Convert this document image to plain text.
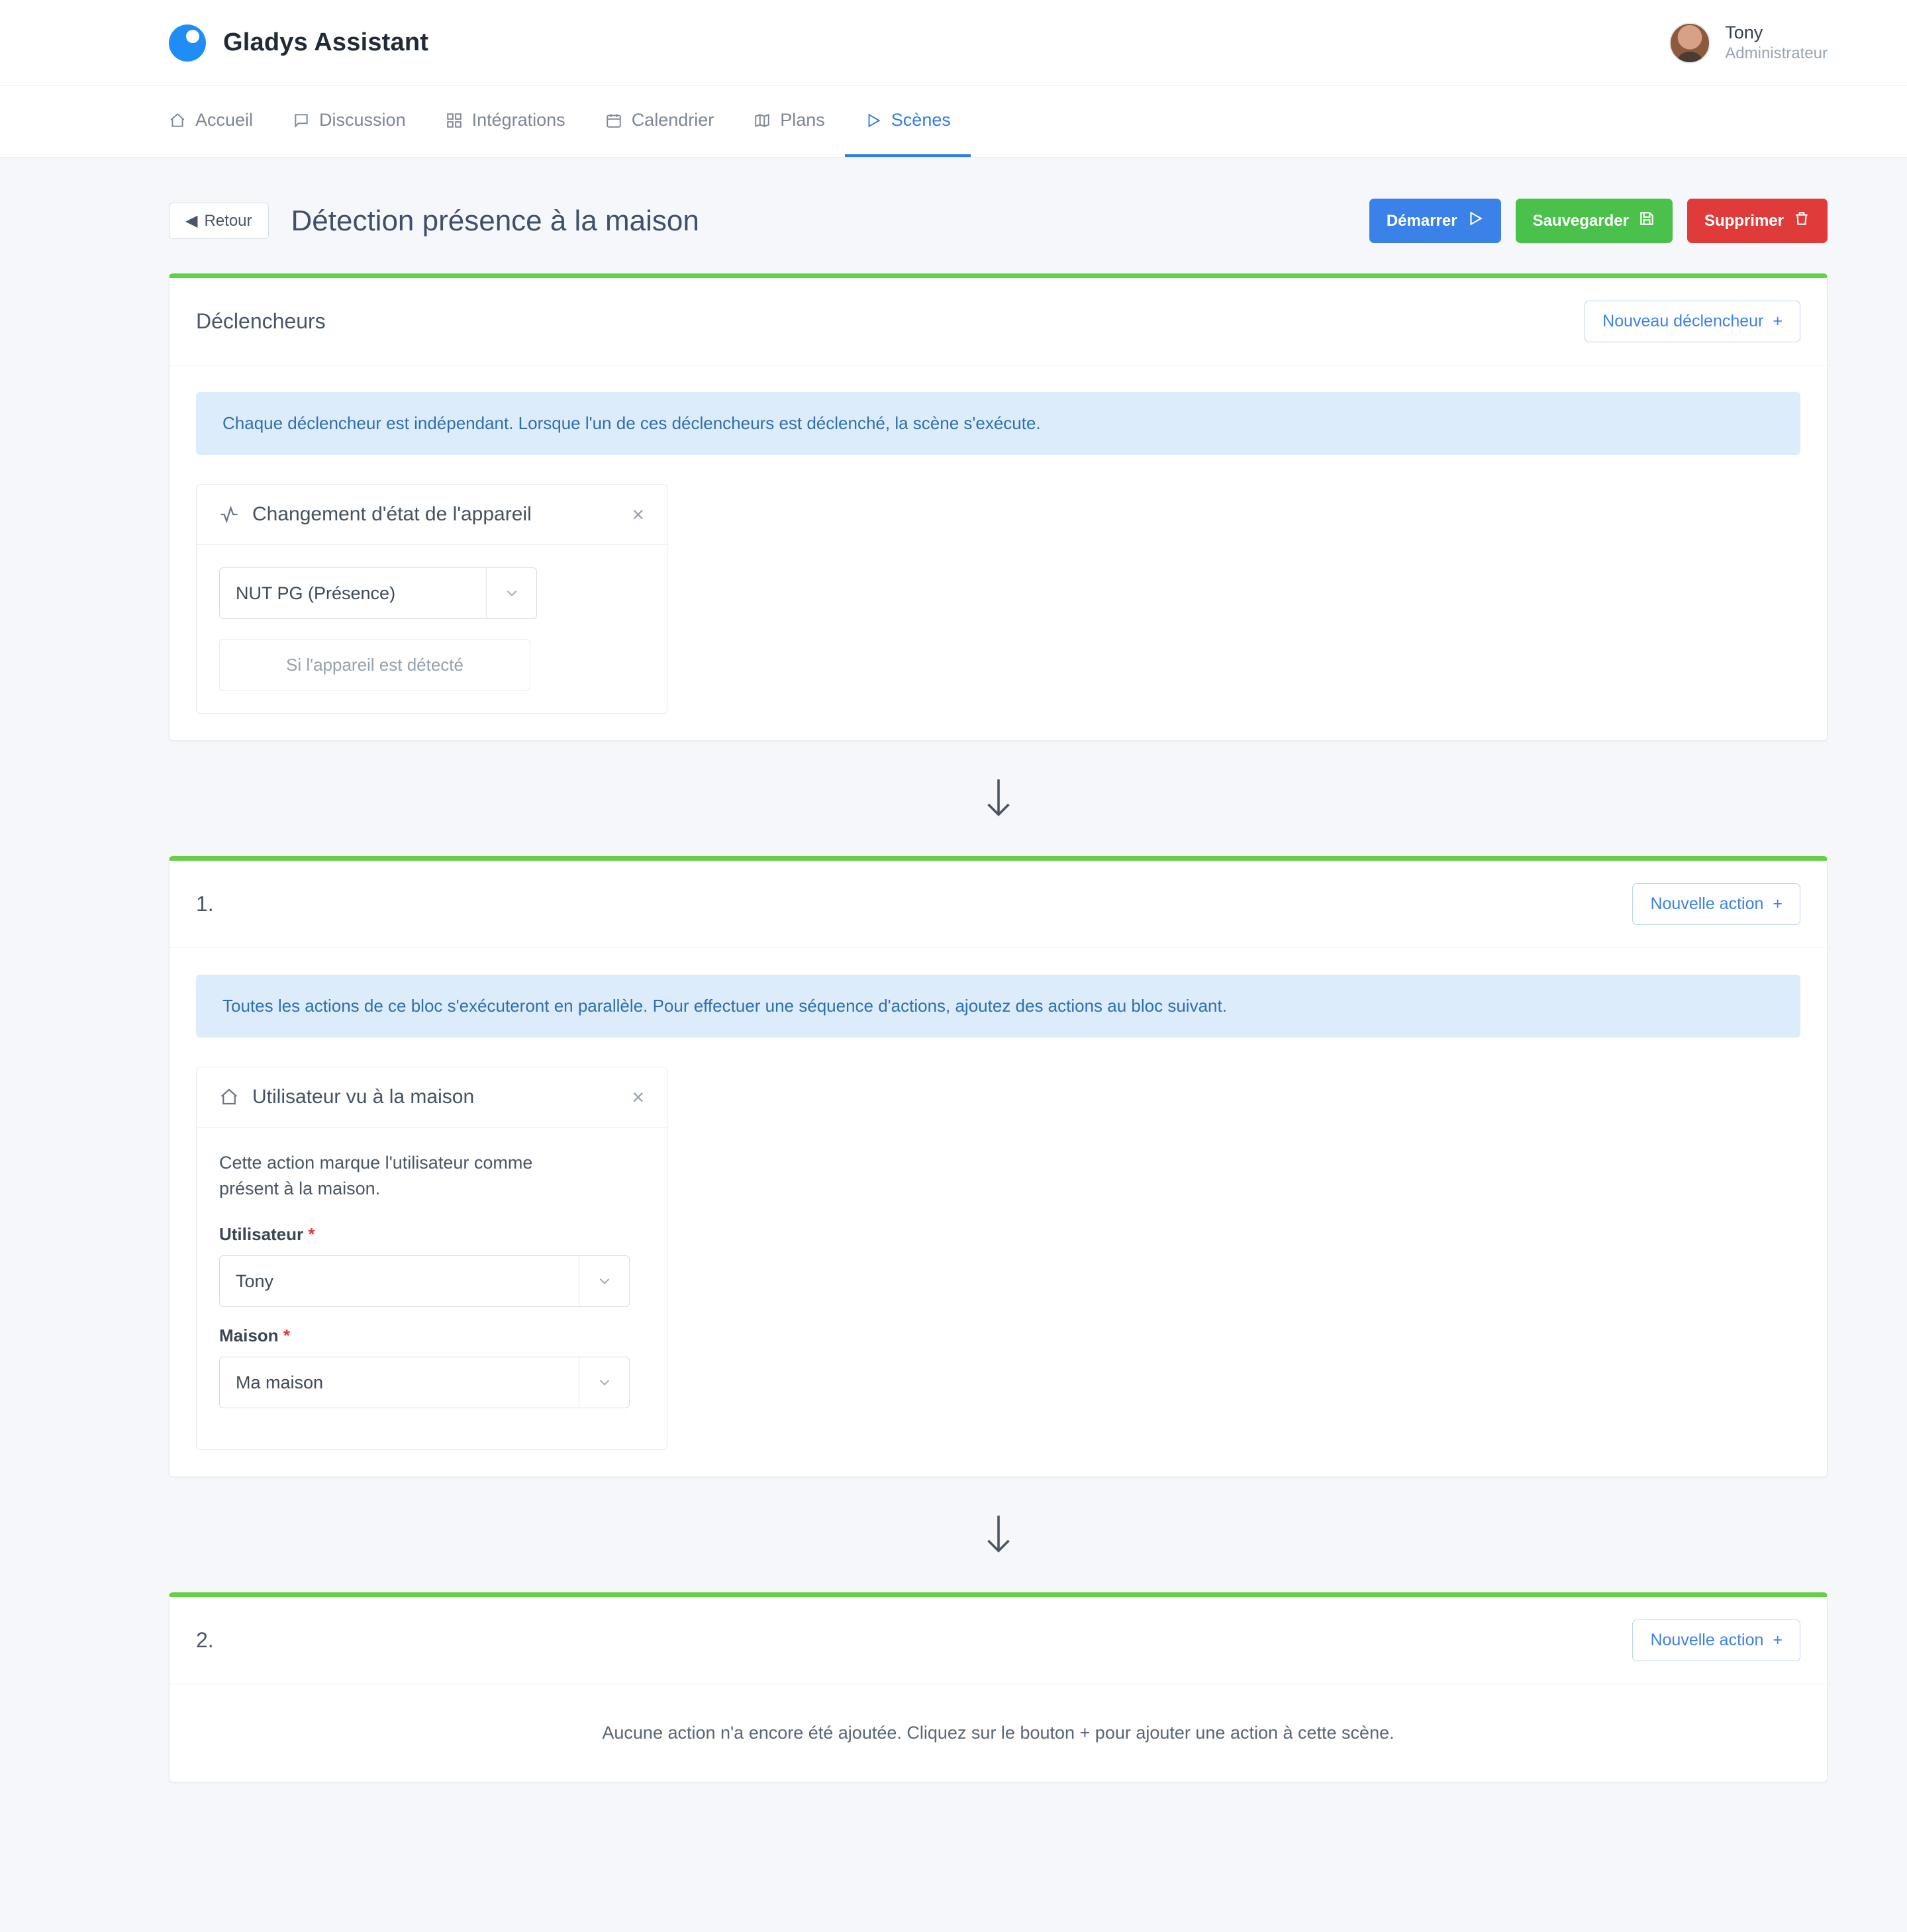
Gladys Assistant	Tony
Administrateur
Accueil	Discussion	Intégrations	Calendrier	Plans	Scènes
◀ Retour Détection présence à la maison	Démarrer	Sauvegarder	Supprimer
Déclencheurs	Nouveau déclencheur +
Chaque déclencheur est indépendant. Lorsque l'un de ces déclencheurs est déclenché, la scène s'exécute.
Changement d'état de l'appareil	×
NUT PG (Présence)
Si l'appareil est détecté
1.	Nouvelle action +
Toutes les actions de ce bloc s'exécuteront en parallèle. Pour effectuer une séquence d'actions, ajoutez des actions au bloc suivant.
Utilisateur vu à la maison	×
Cette action marque l'utilisateur comme présent à la maison.
Utilisateur *
Tony
Maison *
Ma maison
2.	Nouvelle action +
Aucune action n'a encore été ajoutée. Cliquez sur le bouton + pour ajouter une action à cette scène.
